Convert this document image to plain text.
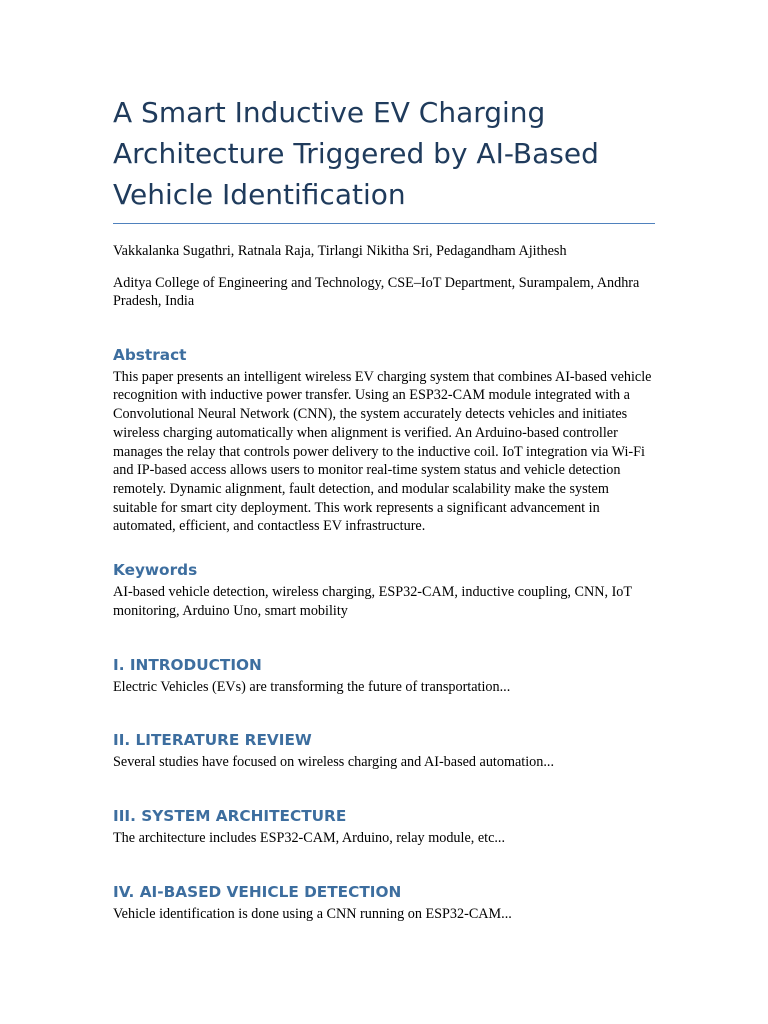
A Smart Inductive EV Charging Architecture Triggered by AI-Based Vehicle Identification

Vakkalanka Sugathri, Ratnala Raja, Tirlangi Nikitha Sri, Pedagandham Ajithesh

Aditya College of Engineering and Technology, CSE–IoT Department, Surampalem, Andhra Pradesh, India

Abstract

This paper presents an intelligent wireless EV charging system that combines AI-based vehicle recognition with inductive power transfer. Using an ESP32-CAM module integrated with a Convolutional Neural Network (CNN), the system accurately detects vehicles and initiates wireless charging automatically when alignment is verified. An Arduino-based controller manages the relay that controls power delivery to the inductive coil. IoT integration via Wi-Fi and IP-based access allows users to monitor real-time system status and vehicle detection remotely. Dynamic alignment, fault detection, and modular scalability make the system suitable for smart city deployment. This work represents a significant advancement in automated, efficient, and contactless EV infrastructure.

Keywords

AI-based vehicle detection, wireless charging, ESP32-CAM, inductive coupling, CNN, IoT monitoring, Arduino Uno, smart mobility

I. INTRODUCTION

Electric Vehicles (EVs) are transforming the future of transportation...

II. LITERATURE REVIEW

Several studies have focused on wireless charging and AI-based automation...

III. SYSTEM ARCHITECTURE

The architecture includes ESP32-CAM, Arduino, relay module, etc...

IV. AI-BASED VEHICLE DETECTION

Vehicle identification is done using a CNN running on ESP32-CAM...
